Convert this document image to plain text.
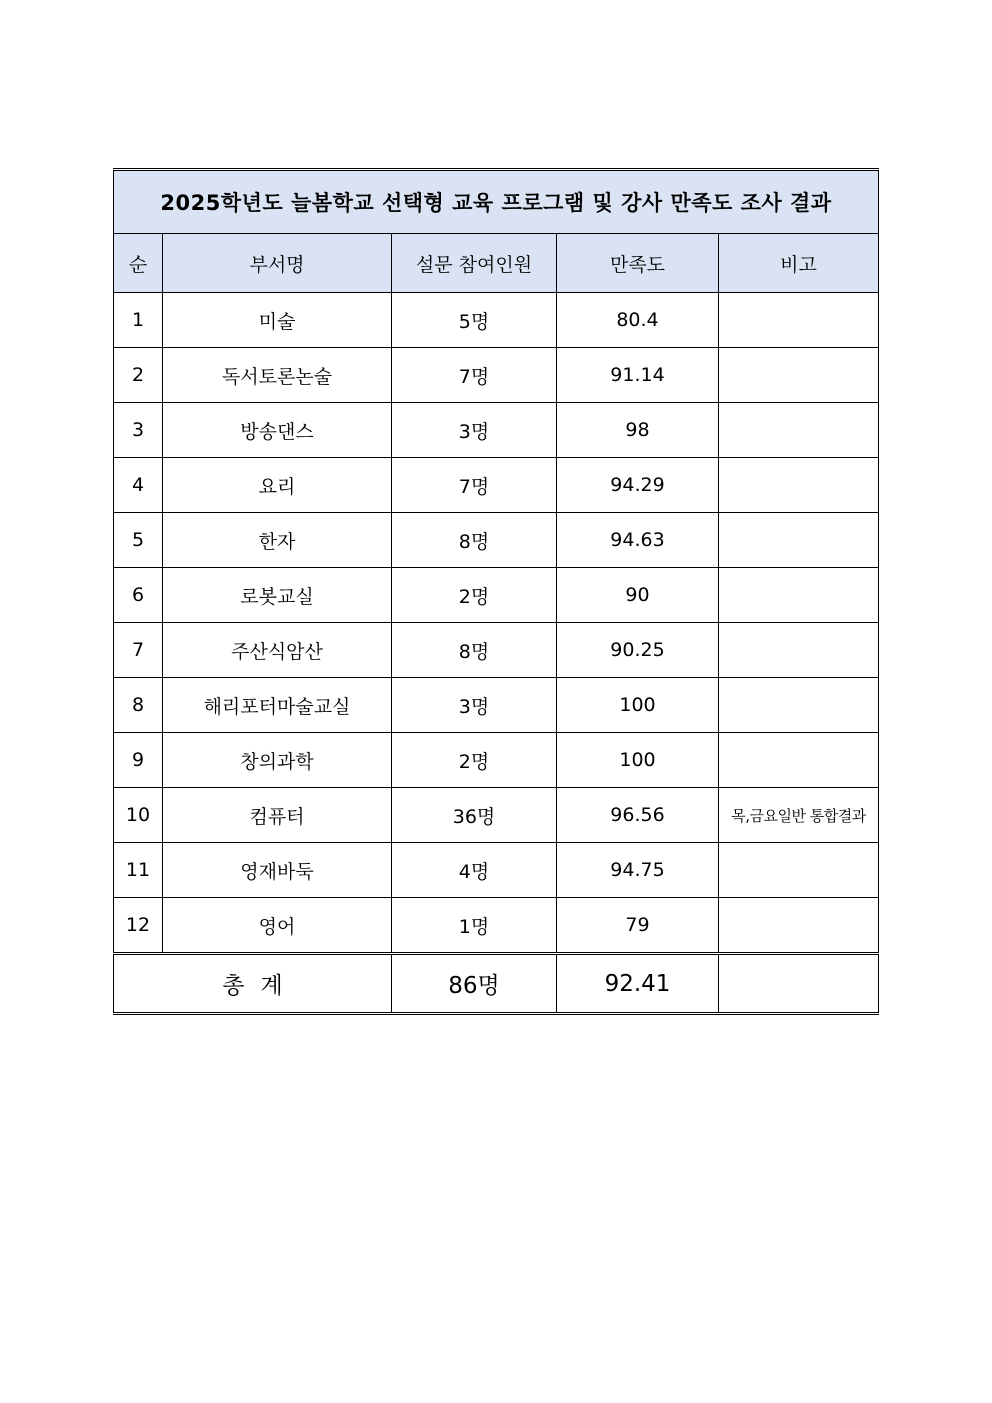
2025학년도 늘봄학교 선택형 교육 프로그램 및 강사 만족도 조사 결과				
순	부서명	설문 참여인원	만족도	비고
1	미술	5명	80.4	
2	독서토론논술	7명	91.14	
3	방송댄스	3명	98	
4	요리	7명	94.29	
5	한자	8명	94.63	
6	로봇교실	2명	90	
7	주산식암산	8명	90.25	
8	해리포터마술교실	3명	100	
9	창의과학	2명	100	
10	컴퓨터	36명	96.56	목,금요일반 통합결과
11	영재바둑	4명	94.75	
12	영어	1명	79	
총계		86명	92.41	
